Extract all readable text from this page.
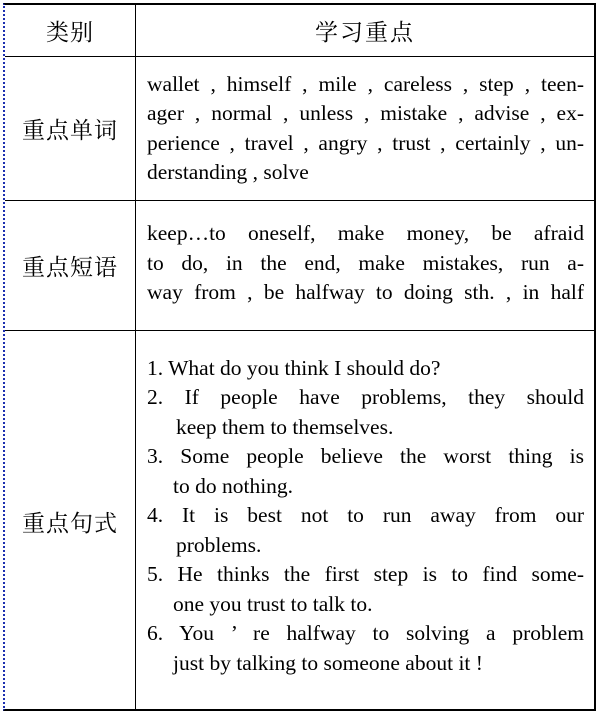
类别	学习重点
重点单词
wallet , himself , mile , careless , step , teen-
ager , normal , unless , mistake , advise , ex-
perience , travel , angry , trust , certainly , un-
derstanding , solve
重点短语
keep…to oneself, make money, be afraid
to do, in the end, make mistakes, run a-
way from , be halfway to doing sth. , in half
重点句式
1. What do you think I should do?
2. If people have problems, they should
keep them to themselves.
3. Some people believe the worst thing is
to do nothing.
4. It is best not to run away from our
problems.
5. He thinks the first step is to find some-
one you trust to talk to.
6. You ’ re halfway to solving a problem
just by talking to someone about it !
